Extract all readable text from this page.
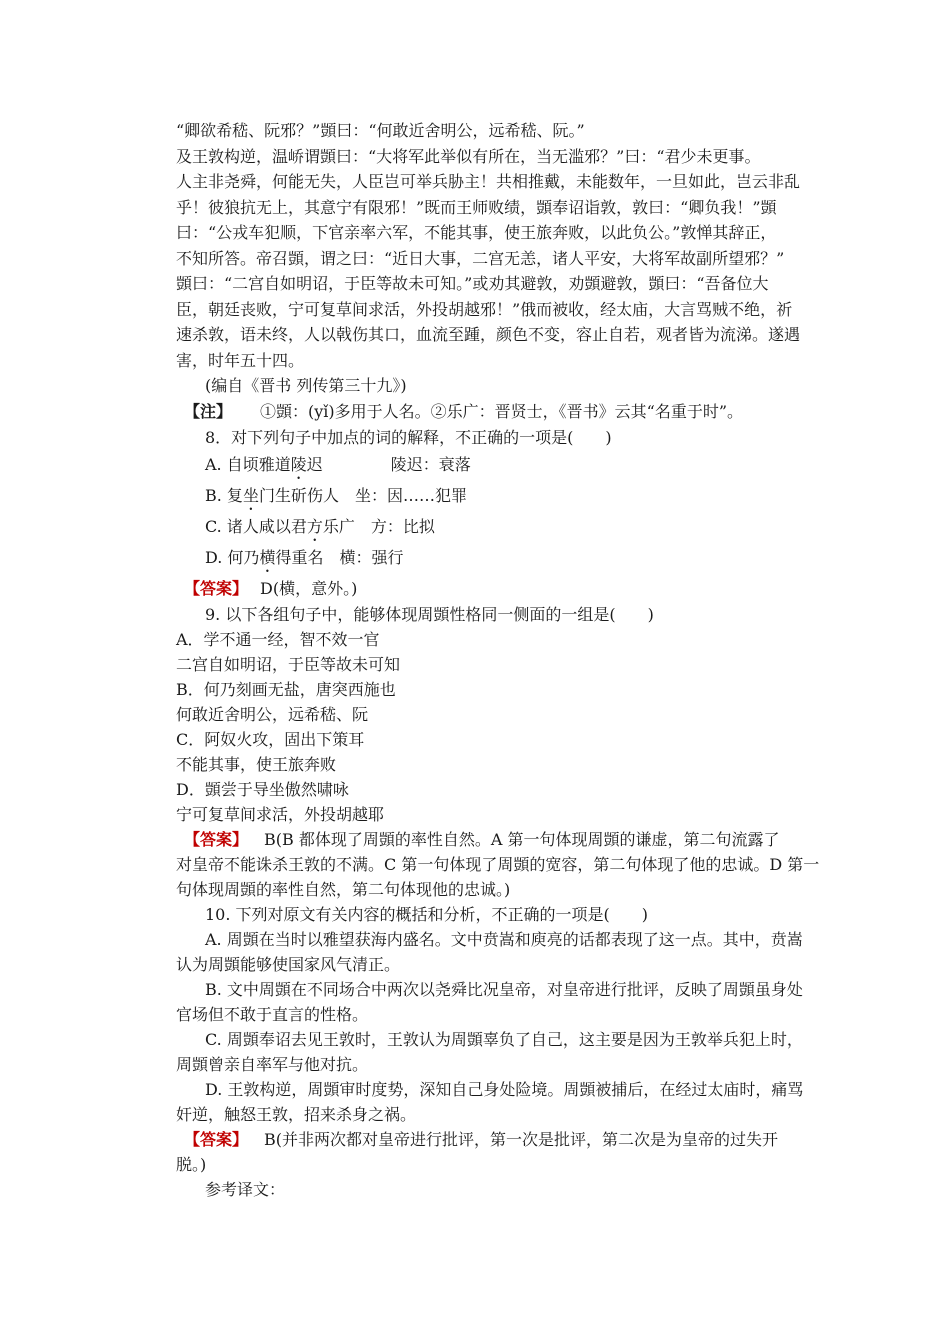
“卿欲希嵇、阮邪？”顗曰：“何敢近舍明公，远希嵇、阮。”
及王敦构逆，温峤谓顗曰：“大将军此举似有所在，当无滥邪？”曰：“君少未更事。
人主非尧舜，何能无失，人臣岂可举兵胁主！共相推戴，未能数年，一旦如此，岂云非乱
乎！彼狼抗无上，其意宁有限邪！”既而王师败绩，顗奉诏诣敦，敦曰：“卿负我！”顗
曰：“公戎车犯顺，下官亲率六军，不能其事，使王旅奔败，以此负公。”敦惮其辞正，
不知所答。帝召顗，谓之曰：“近日大事，二宫无恙，诸人平安，大将军故副所望邪？”
顗曰：“二宫自如明诏，于臣等故未可知。”或劝其避敦，劝顗避敦，顗曰：“吾备位大
臣，朝廷丧败，宁可复草间求活，外投胡越邪！”俄而被收，经太庙，大言骂贼不绝，祈
速杀敦，语未终，人以戟伤其口，血流至踵，颜色不变，容止自若，观者皆为流涕。遂遇
害，时年五十四。
(编自《晋书 列传第三十九》)
【注】 ①顗：(yǐ)多用于人名。②乐广：晋贤士，《晋书》云其“名重于时”。
8．对下列句子中加点的词的解释，不正确的一项是(　　)
A. 自顷雅道陵迟	陵迟：衰落
B. 复坐门生斫伤人 坐：因……犯罪
C. 诸人咸以君方乐广 方：比拟
D. 何乃横得重名 横：强行
【答案】 D(横，意外。)
9. 以下各组句子中，能够体现周顗性格同一侧面的一组是(　　)
A．学不通一经，智不效一官
二宫自如明诏，于臣等故未可知
B．何乃刻画无盐，唐突西施也
何敢近舍明公，远希嵇、阮
C．阿奴火攻，固出下策耳
不能其事，使王旅奔败
D．顗尝于导坐傲然啸咏
宁可复草间求活，外投胡越耶
【答案】 B(B 都体现了周顗的率性自然。A 第一句体现周顗的谦虚，第二句流露了
对皇帝不能诛杀王敦的不满。C 第一句体现了周顗的宽容，第二句体现了他的忠诚。D 第一
句体现周顗的率性自然，第二句体现他的忠诚。)
10. 下列对原文有关内容的概括和分析，不正确的一项是(　　)
A. 周顗在当时以雅望获海内盛名。文中贲嵩和庾亮的话都表现了这一点。其中，贲嵩
认为周顗能够使国家风气清正。
B. 文中周顗在不同场合中两次以尧舜比况皇帝，对皇帝进行批评，反映了周顗虽身处
官场但不敢于直言的性格。
C. 周顗奉诏去见王敦时，王敦认为周顗辜负了自己，这主要是因为王敦举兵犯上时，
周顗曾亲自率军与他对抗。
D. 王敦构逆，周顗审时度势，深知自己身处险境。周顗被捕后，在经过太庙时，痛骂
奸逆，触怒王敦，招来杀身之祸。
【答案】 B(并非两次都对皇帝进行批评，第一次是批评，第二次是为皇帝的过失开
脱。)
参考译文：
